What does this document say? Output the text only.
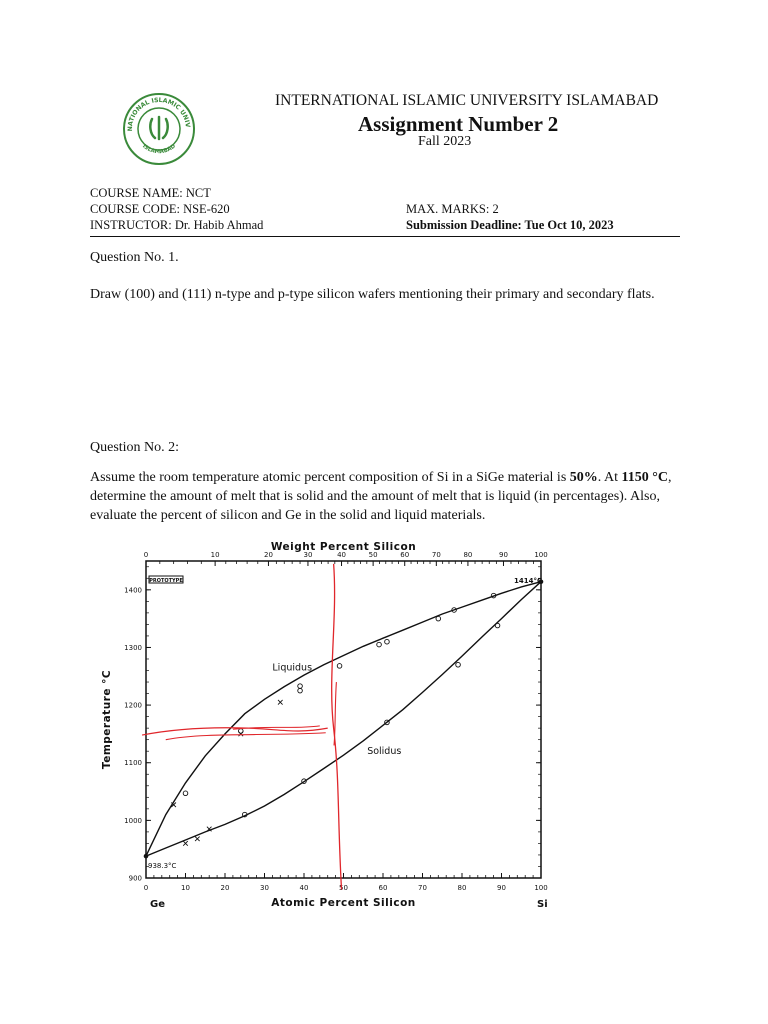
NATIONAL ISLAMIC UNIV
ISLAMABAD
INTERNATIONAL ISLAMIC UNIVERSITY ISLAMABAD
Assignment Number 2
Fall 2023
COURSE NAME: NCT
COURSE CODE: NSE-620
INSTRUCTOR: Dr. Habib Ahmad
MAX. MARKS: 2
Submission Deadline: Tue Oct 10, 2023
Question No. 1.
Draw (100) and (111) n-type and p-type silicon wafers mentioning their primary and secondary flats.
Question No. 2:
Assume the room temperature atomic percent composition of Si in a SiGe material is 50%. At 1150 °C, determine the amount of melt that is solid and the amount of melt that is liquid (in percentages). Also, evaluate the percent of silicon and Ge in the solid and liquid materials.
0	10	20	30	40	50	60	70	80	90	100
0	10	20	30	40	50	60	70	80	90	100
900
1000
1100
1200
1300
1400
Weight Percent Silicon
Atomic Percent Silicon
Temperature °C
Ge	Si
PROTOTYPE	1414°C
938.3°C
Liquidus
Solidus
